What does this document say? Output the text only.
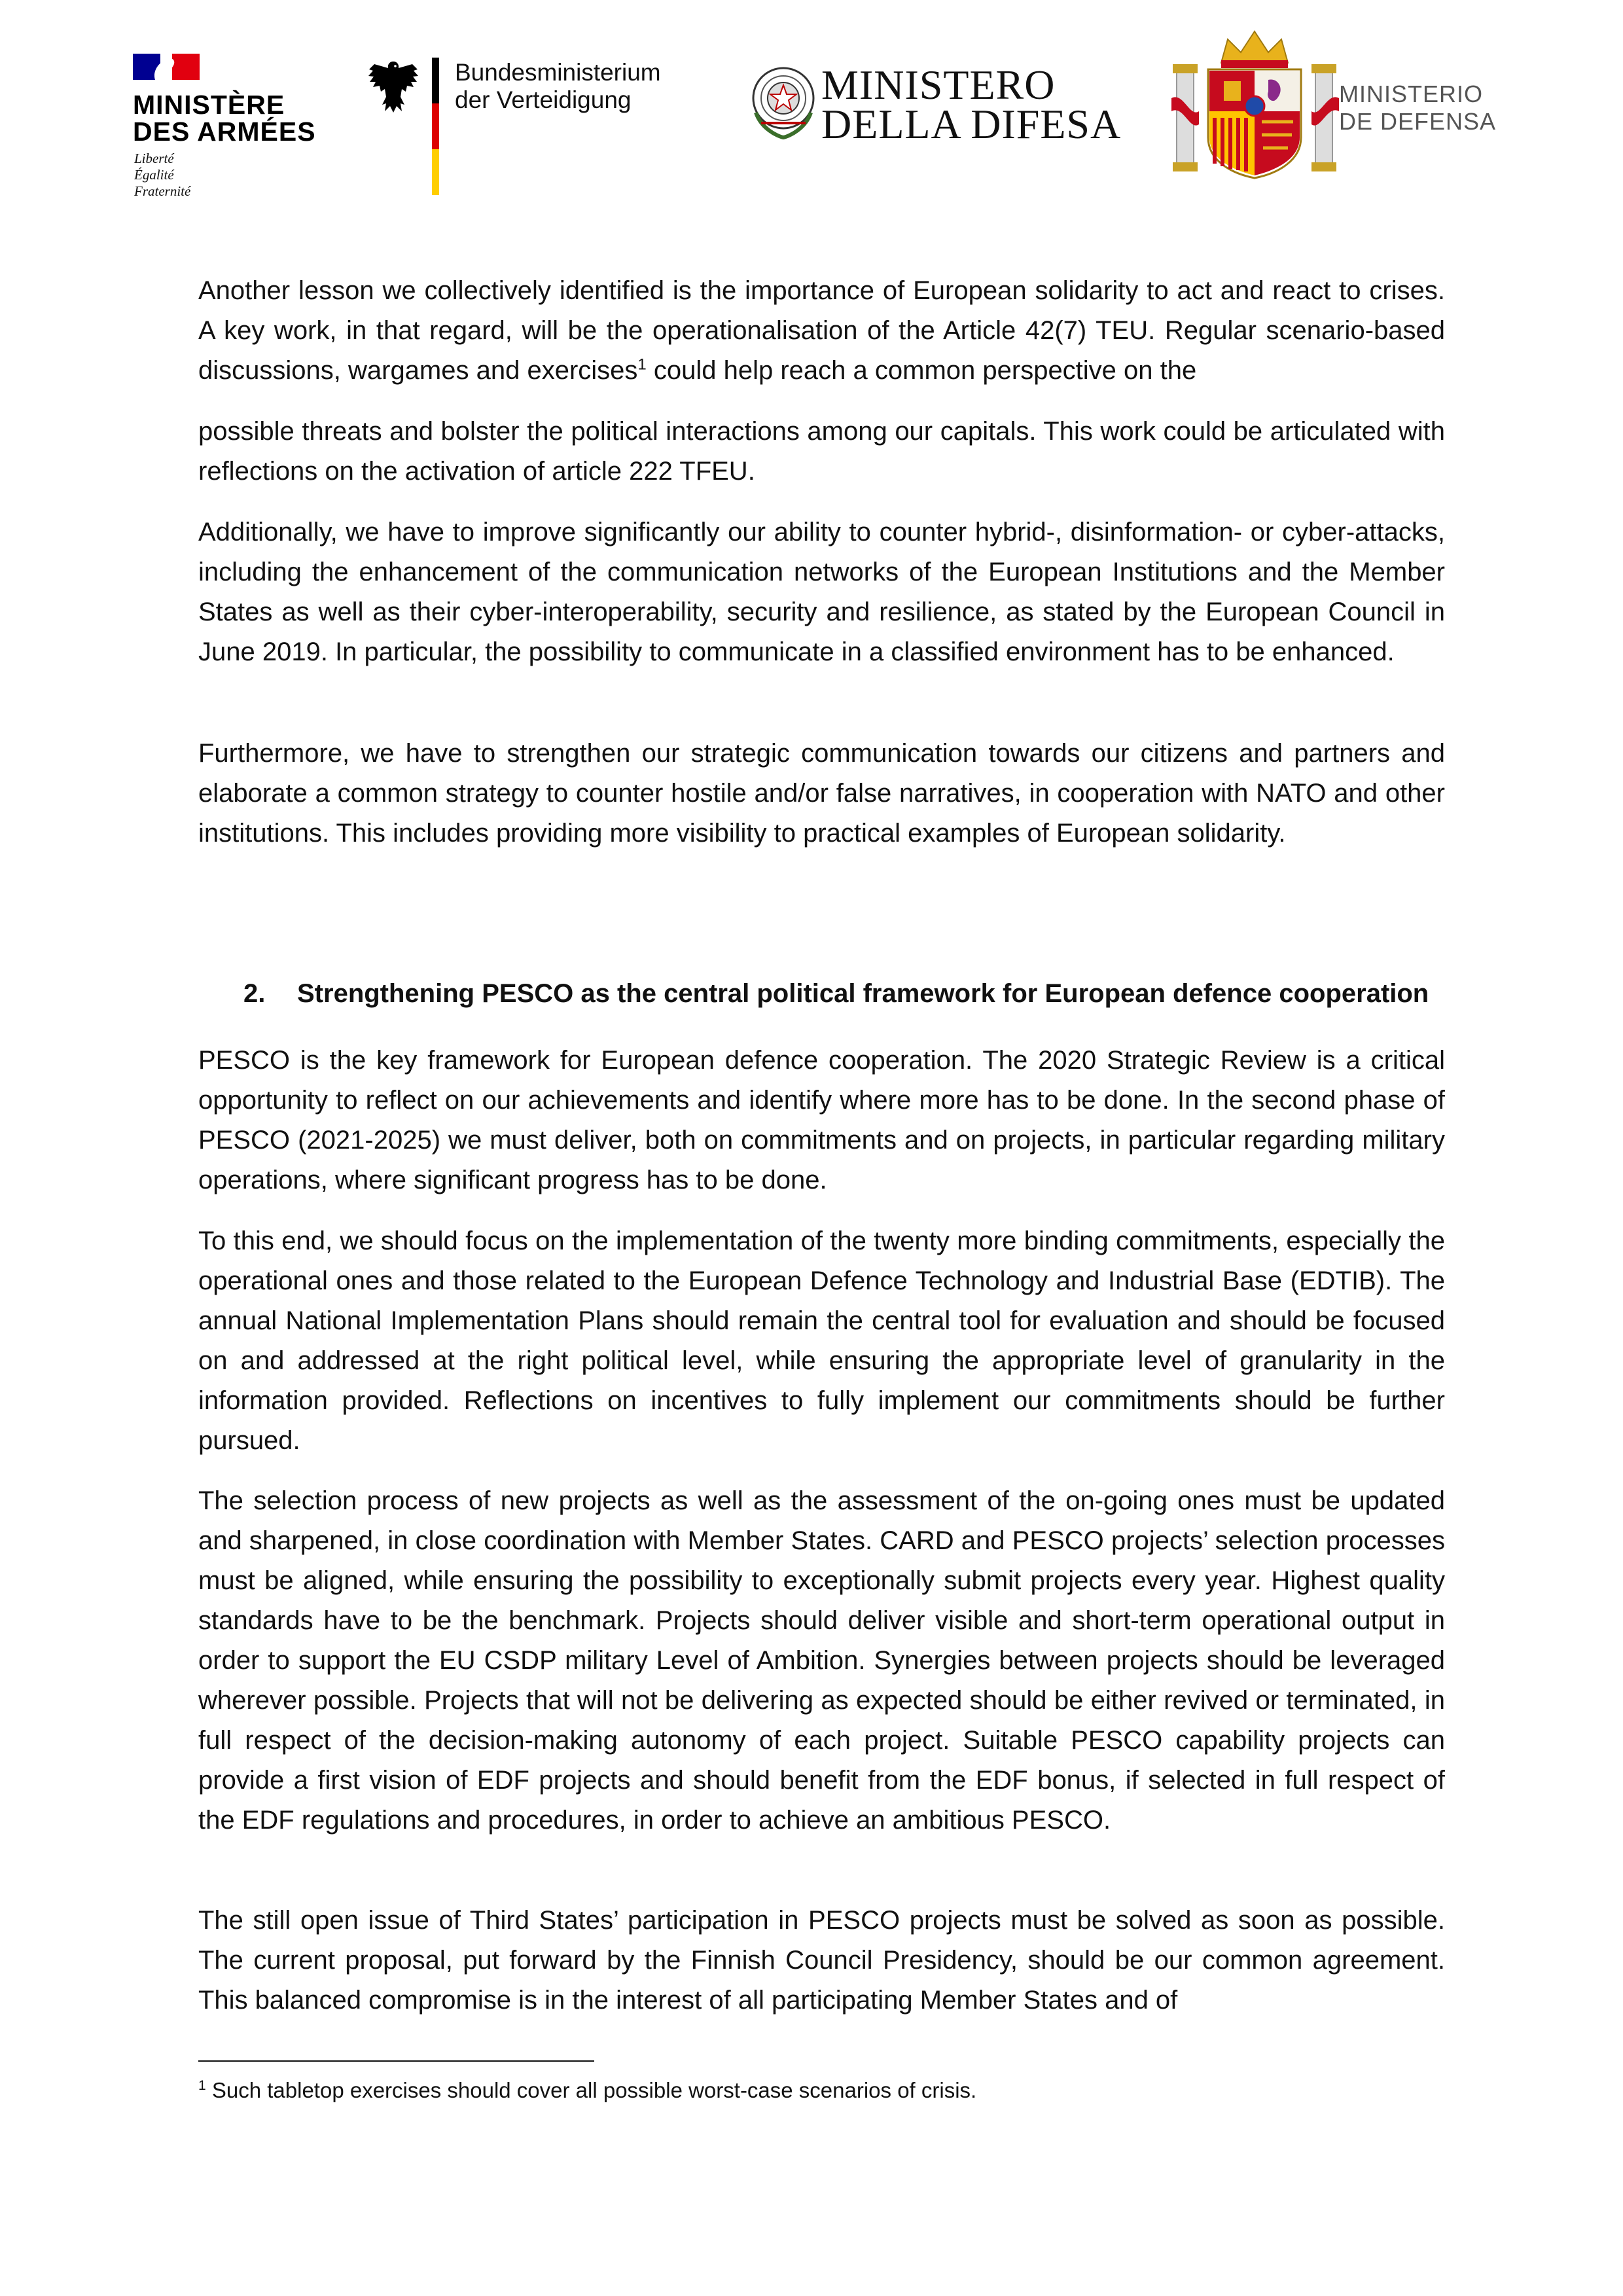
MINISTÈRE
DES ARMÉES
Liberté
Égalité
Fraternité
Bundesministerium
der Verteidigung	MINISTERO
DELLA DIFESA
MINISTERIO
DE DEFENSA

Another lesson we collectively identified is the importance of European solidarity to act and react to crises. A key work, in that regard, will be the operationalisation of the Article 42(7) TEU. Regular scenario-based discussions, wargames and exercises$^1$ could help reach a common perspective on the

possible threats and bolster the political interactions among our capitals. This work could be articulated with reflections on the activation of article 222 TFEU.

Additionally, we have to improve significantly our ability to counter hybrid-, disinformation- or cyber-attacks, including the enhancement of the communication networks of the European Institutions and the Member States as well as their cyber-interoperability, security and resilience, as stated by the European Council in June 2019. In particular, the possibility to communicate in a classified environment has to be enhanced.

Furthermore, we have to strengthen our strategic communication towards our citizens and partners and elaborate a common strategy to counter hostile and/or false narratives, in cooperation with NATO and other institutions. This includes providing more visibility to practical examples of European solidarity.

2. Strengthening PESCO as the central political framework for European defence cooperation

PESCO is the key framework for European defence cooperation. The 2020 Strategic Review is a critical opportunity to reflect on our achievements and identify where more has to be done. In the second phase of PESCO (2021-2025) we must deliver, both on commitments and on projects, in particular regarding military operations, where significant progress has to be done.

To this end, we should focus on the implementation of the twenty more binding commitments, especially the operational ones and those related to the European Defence Technology and Industrial Base (EDTIB). The annual National Implementation Plans should remain the central tool for evaluation and should be focused on and addressed at the right political level, while ensuring the appropriate level of granularity in the information provided. Reflections on incentives to fully implement our commitments should be further pursued.

The selection process of new projects as well as the assessment of the on-going ones must be updated and sharpened, in close coordination with Member States. CARD and PESCO projects’ selection processes must be aligned, while ensuring the possibility to exceptionally submit projects every year. Highest quality standards have to be the benchmark. Projects should deliver visible and short-term operational output in order to support the EU CSDP military Level of Ambition. Synergies between projects should be leveraged wherever possible. Projects that will not be delivering as expected should be either revived or terminated, in full respect of the decision-making autonomy of each project. Suitable PESCO capability projects can provide a first vision of EDF projects and should benefit from the EDF bonus, if selected in full respect of the EDF regulations and procedures, in order to achieve an ambitious PESCO.

The still open issue of Third States’ participation in PESCO projects must be solved as soon as possible. The current proposal, put forward by the Finnish Council Presidency, should be our common agreement. This balanced compromise is in the interest of all participating Member States and of

$^1$ Such tabletop exercises should cover all possible worst-case scenarios of crisis.
